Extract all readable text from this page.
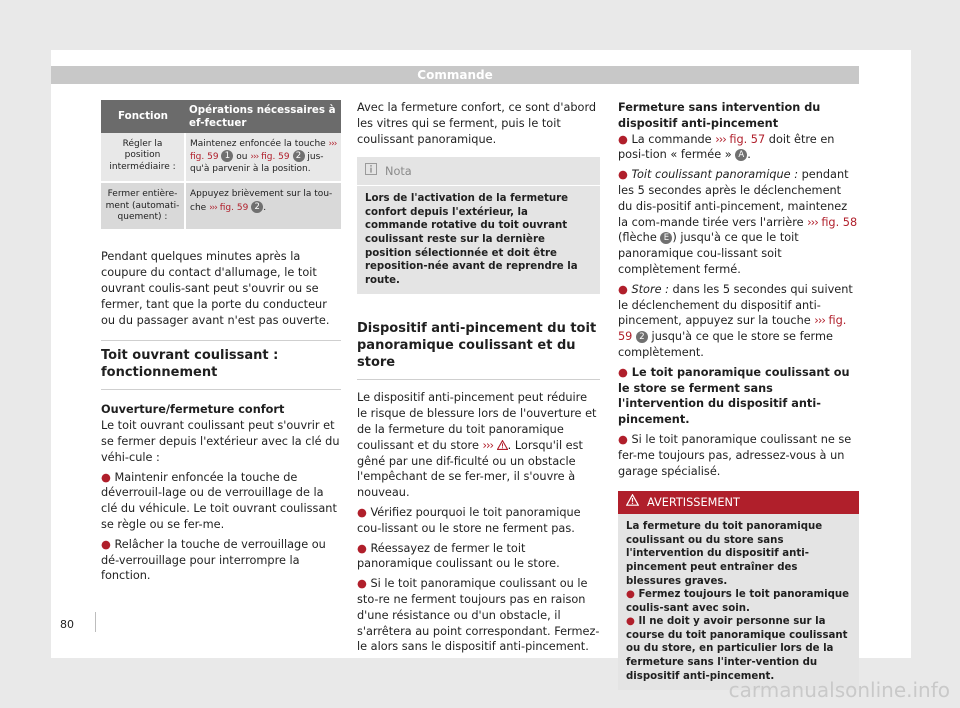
Commande
Fonction	Opérations nécessaires à ef-fectuer
Régler la position intermédiaire :	Maintenez enfoncée la touche ››› fig. 59 1 ou ››› fig. 59 2 jus-qu'à parvenir à la position.
Fermer entière-ment (automati-quement) :	Appuyez brièvement sur la tou-che ››› fig. 59 2 .

Pendant quelques minutes après la coupure du contact d'allumage, le toit ouvrant coulis-sant peut s'ouvrir ou se fermer, tant que la porte du conducteur ou du passager avant n'est pas ouverte.

Toit ouvrant coulissant : fonctionnement
Ouverture/fermeture confort

Le toit ouvrant coulissant peut s'ouvrir et se fermer depuis l'extérieur avec la clé du véhi-cule :

● Maintenir enfoncée la touche de déverrouil-lage ou de verrouillage de la clé du véhicule. Le toit ouvrant coulissant se règle ou se fer-me.

● Relâcher la touche de verrouillage ou dé-verrouillage pour interrompre la fonction.

Avec la fermeture confort, ce sont d'abord les vitres qui se ferment, puis le toit coulissant panoramique.

Nota
Lors de l'activation de la fermeture confort depuis l'extérieur, la commande rotative du toit ouvrant coulissant reste sur la dernière position sélectionnée et doit être reposition-née avant de reprendre la route.
Dispositif anti-pincement du toit panoramique coulissant et du store

Le dispositif anti-pincement peut réduire le risque de blessure lors de l'ouverture et de la fermeture du toit panoramique coulissant et du store ››› . Lorsqu'il est gêné par une dif-ficulté ou un obstacle l'empêchant de se fer-mer, il s'ouvre à nouveau.

● Vérifiez pourquoi le toit panoramique cou-lissant ou le store ne ferment pas.

● Réessayez de fermer le toit panoramique coulissant ou le store.

● Si le toit panoramique coulissant ou le sto-re ne ferment toujours pas en raison d'une résistance ou d'un obstacle, il s'arrêtera au point correspondant. Fermez-le alors sans le dispositif anti-pincement.

Fermeture sans intervention du dispositif anti-pincement

● La commande ››› fig. 57 doit être en posi-tion « fermée » A .

● Toit coulissant panoramique : pendant les 5 secondes après le déclenchement du dis-positif anti-pincement, maintenez la com-mande tirée vers l'arrière ››› fig. 58 (flèche E ) jusqu'à ce que le toit panoramique cou-lissant soit complètement fermé.

● Store : dans les 5 secondes qui suivent le déclenchement du dispositif anti-pincement, appuyez sur la touche ››› fig. 59 2 jusqu'à ce que le store se ferme complètement.

● Le toit panoramique coulissant ou le store se ferment sans l'intervention du dispositif anti-pincement.

● Si le toit panoramique coulissant ne se fer-me toujours pas, adressez-vous à un garage spécialisé.

AVERTISSEMENT
La fermeture du toit panoramique coulissant ou du store sans l'intervention du dispositif anti-pincement peut entraîner des blessures graves.
● Fermez toujours le toit panoramique coulis-sant avec soin.
● Il ne doit y avoir personne sur la course du toit panoramique coulissant ou du store, en particulier lors de la fermeture sans l'inter-vention du dispositif anti-pincement.
80
carmanualsonline.info
